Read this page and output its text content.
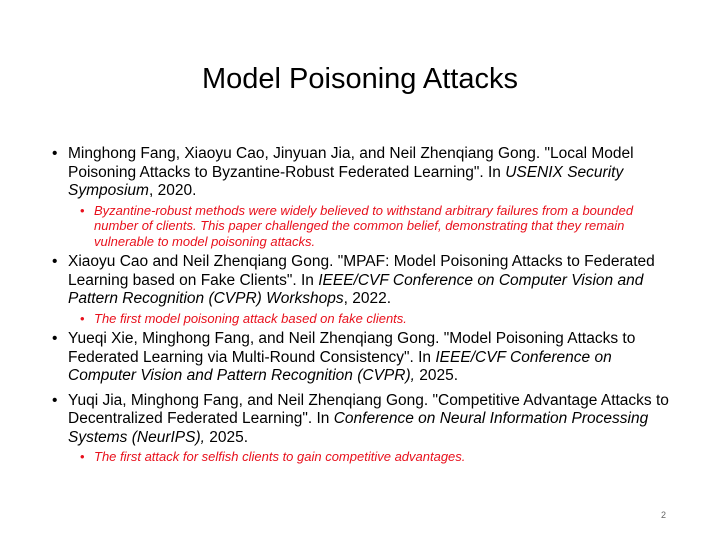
Model Poisoning Attacks
• Minghong Fang, Xiaoyu Cao, Jinyuan Jia, and Neil Zhenqiang Gong. "Local Model Poisoning Attacks to Byzantine-Robust Federated Learning". In USENIX Security Symposium, 2020.
• Byzantine-robust methods were widely believed to withstand arbitrary failures from a bounded number of clients. This paper challenged the common belief, demonstrating that they remain vulnerable to model poisoning attacks.
• Xiaoyu Cao and Neil Zhenqiang Gong. "MPAF: Model Poisoning Attacks to Federated Learning based on Fake Clients". In IEEE/CVF Conference on Computer Vision and Pattern Recognition (CVPR) Workshops, 2022.
• The first model poisoning attack based on fake clients.
• Yueqi Xie, Minghong Fang, and Neil Zhenqiang Gong. "Model Poisoning Attacks to Federated Learning via Multi-Round Consistency". In IEEE/CVF Conference on Computer Vision and Pattern Recognition (CVPR), 2025.
• Yuqi Jia, Minghong Fang, and Neil Zhenqiang Gong. "Competitive Advantage Attacks to Decentralized Federated Learning". In Conference on Neural Information Processing Systems (NeurIPS), 2025.
• The first attack for selfish clients to gain competitive advantages.
2
